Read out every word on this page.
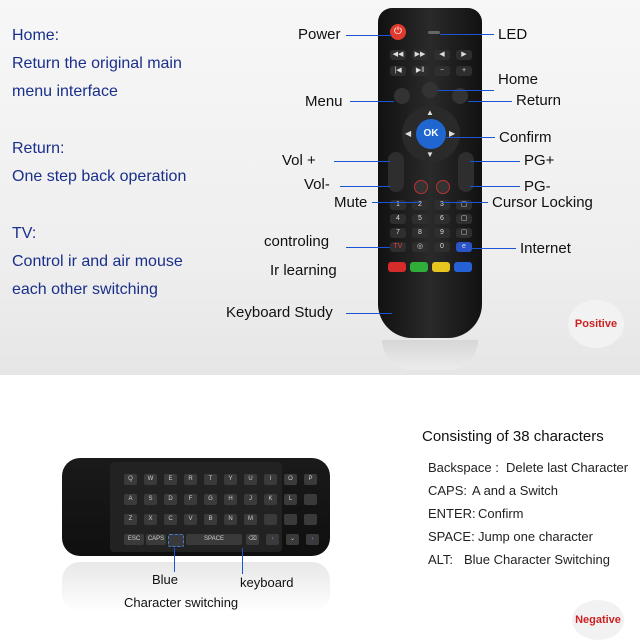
Home:
Return the original main
menu interface
Return:
One step back operation
TV:
Control ir and air mouse
each other switching
⏻
◀◀	▶▶	◀	▶
|◀	▶‖	−	+
▲
▼
◀	▶
OK
1	2	3	▢
4	5	6	▢
7	8	9	▢
TV	◎	0	e
Power	LED
Home
Menu	Return
Confirm
Vol +
Vol-
PG+
PG-
Mute	Cursor Locking
controling
Ir learning
Internet
Keyboard Study
Positive
Q	W	E	R	T	Y	U	I	O	P
A	S	D	F	G	H	J	K	L
Z	X	C	V	B	N	M
ESC	CAPS	SPACE	⌫	‹	⌄	›
Blue
Character switching
keyboard
Consisting of 38 characters
Backspace : Delete last Character
CAPS: A and a Switch
ENTER: Confirm
SPACE: Jump one character
ALT: Blue Character Switching
Negative
